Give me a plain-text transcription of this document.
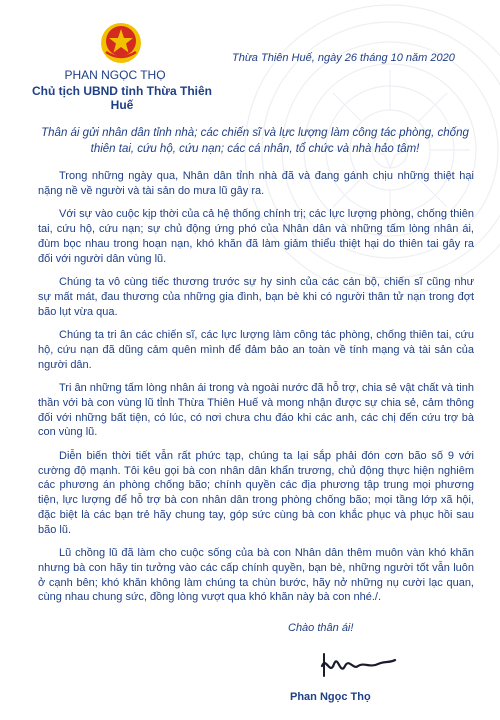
PHAN NGỌC THỌ
Chủ tịch UBND tỉnh Thừa Thiên Huế
Thừa Thiên Huế, ngày 26 tháng 10 năm 2020
Thân ái gửi nhân dân tỉnh nhà; các chiến sĩ và lực lượng làm công tác phòng, chống thiên tai, cứu hộ, cứu nạn; các cá nhân, tổ chức và nhà hảo tâm!

Trong những ngày qua, Nhân dân tỉnh nhà đã và đang gánh chịu những thiệt hại nặng nề về người và tài sản do mưa lũ gây ra.

Với sự vào cuộc kịp thời của cả hệ thống chính trị; các lực lượng phòng, chống thiên tai, cứu hộ, cứu nạn; sự chủ động ứng phó của Nhân dân và những tấm lòng nhân ái, đùm bọc nhau trong hoạn nạn, khó khăn đã làm giảm thiểu thiệt hại do thiên tai gây ra đối với người dân vùng lũ.

Chúng ta vô cùng tiếc thương trước sự hy sinh của các cán bộ, chiến sĩ cũng như sự mất mát, đau thương của những gia đình, bạn bè khi có người thân tử nạn trong đợt bão lụt vừa qua.

Chúng ta tri ân các chiến sĩ, các lực lượng làm công tác phòng, chống thiên tai, cứu hộ, cứu nạn đã dũng cảm quên mình để đảm bảo an toàn về tính mạng và tài sản của người dân.

Tri ân những tấm lòng nhân ái trong và ngoài nước đã hỗ trợ, chia sẻ vật chất và tinh thần với bà con vùng lũ tỉnh Thừa Thiên Huế và mong nhận được sự chia sẻ, cảm thông đối với những bất tiện, có lúc, có nơi chưa chu đáo khi các anh, các chị đến cứu trợ bà con vùng lũ.

Diễn biến thời tiết vẫn rất phức tạp, chúng ta lại sắp phải đón cơn bão số 9 với cường độ mạnh. Tôi kêu gọi bà con nhân dân khẩn trương, chủ động thực hiện nghiêm các phương án phòng chống bão; chính quyền các địa phương tập trung mọi phương tiện, lực lượng để hỗ trợ bà con nhân dân trong phòng chống bão; mọi tầng lớp xã hội, đặc biệt là các bạn trẻ hãy chung tay, góp sức cùng bà con khắc phục và phục hồi sau bão lũ.

Lũ chồng lũ đã làm cho cuộc sống của bà con Nhân dân thêm muôn vàn khó khăn nhưng bà con hãy tin tưởng vào các cấp chính quyền, bạn bè, những người tốt vẫn luôn ở cạnh bên; khó khăn không làm chúng ta chùn bước, hãy nở những nụ cười lạc quan, cùng nhau chung sức, đồng lòng vượt qua khó khăn này bà con nhé./.

Chào thân ái!
Phan Ngọc Thọ
